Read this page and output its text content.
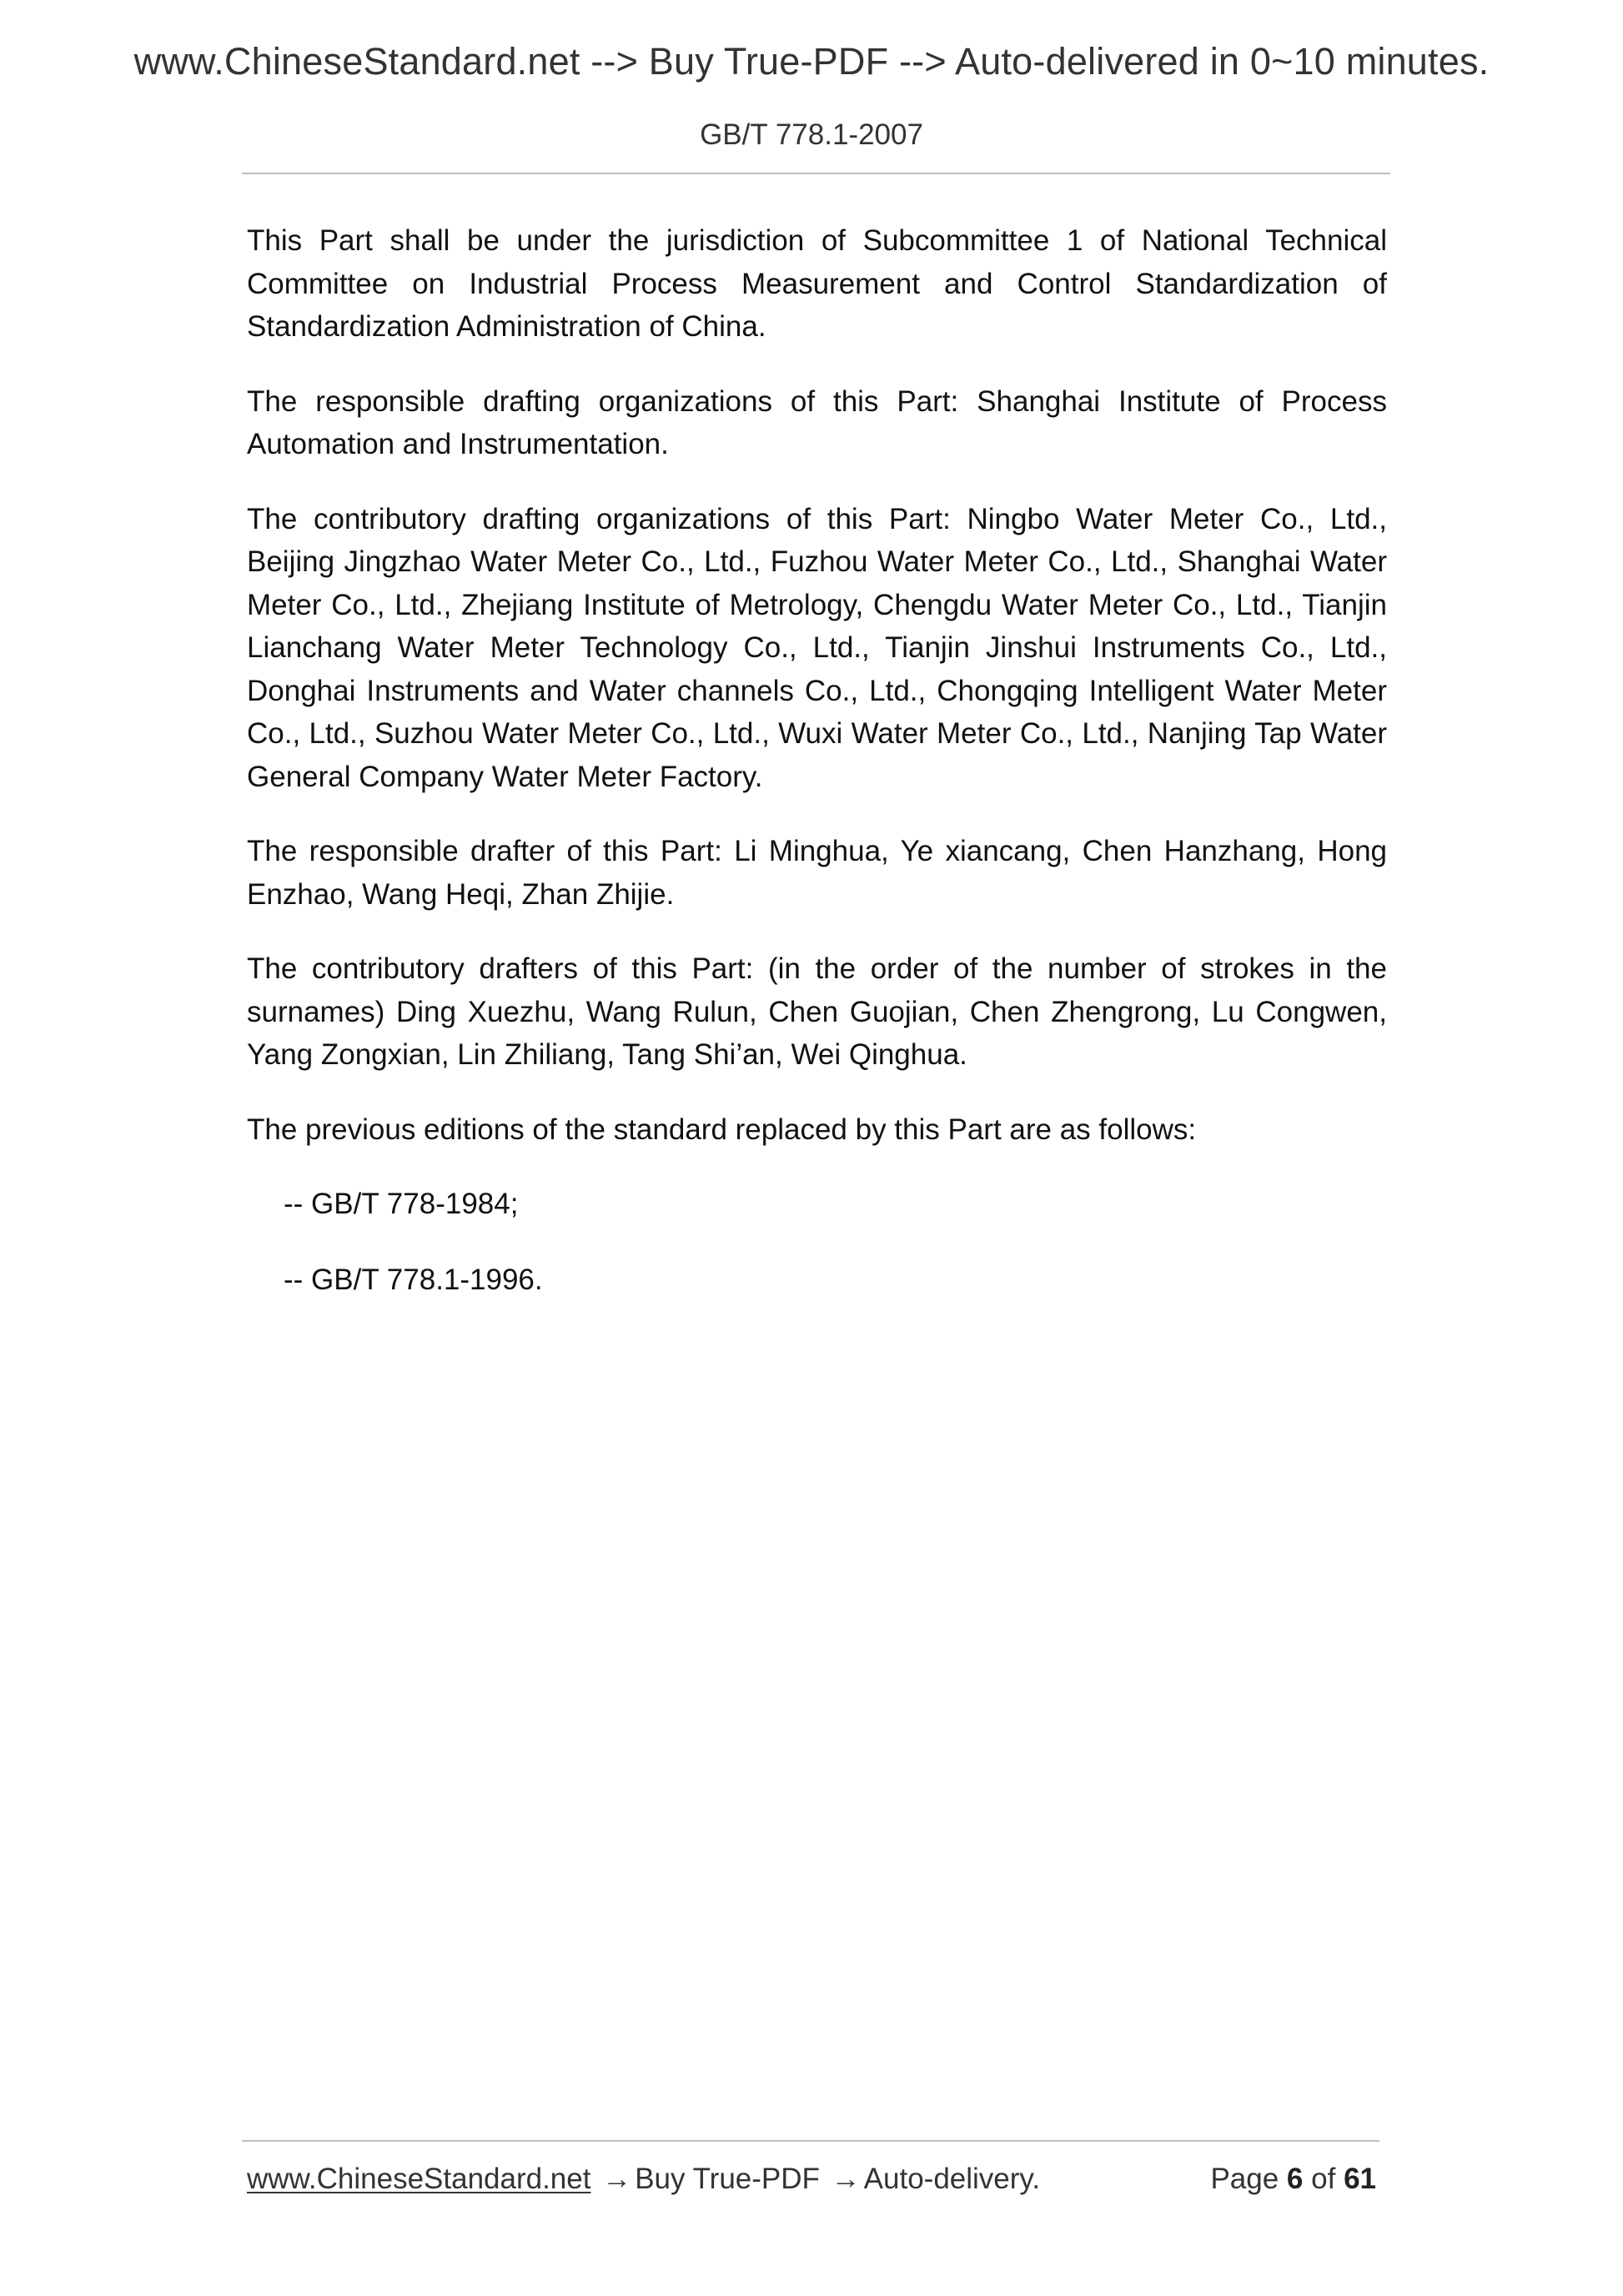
www.ChineseStandard.net --> Buy True-PDF --> Auto-delivered in 0~10 minutes.
GB/T 778.1-2007

This Part shall be under the jurisdiction of Subcommittee 1 of National Technical Committee on Industrial Process Measurement and Control Standardization of Standardization Administration of China.

The responsible drafting organizations of this Part: Shanghai Institute of Process Automation and Instrumentation.

The contributory drafting organizations of this Part: Ningbo Water Meter Co., Ltd., Beijing Jingzhao Water Meter Co., Ltd., Fuzhou Water Meter Co., Ltd., Shanghai Water Meter Co., Ltd., Zhejiang Institute of Metrology, Chengdu Water Meter Co., Ltd., Tianjin Lianchang Water Meter Technology Co., Ltd., Tianjin Jinshui Instruments Co., Ltd., Donghai Instruments and Water channels Co., Ltd., Chongqing Intelligent Water Meter Co., Ltd., Suzhou Water Meter Co., Ltd., Wuxi Water Meter Co., Ltd., Nanjing Tap Water General Company Water Meter Factory.

The responsible drafter of this Part: Li Minghua, Ye xiancang, Chen Hanzhang, Hong Enzhao, Wang Heqi, Zhan Zhijie.

The contributory drafters of this Part: (in the order of the number of strokes in the surnames) Ding Xuezhu, Wang Rulun, Chen Guojian, Chen Zhengrong, Lu Congwen, Yang Zongxian, Lin Zhiliang, Tang Shi’an, Wei Qinghua.

The previous editions of the standard replaced by this Part are as follows:

-- GB/T 778-1984;
-- GB/T 778.1-1996.
www.ChineseStandard.net → Buy True-PDF → Auto-delivery.	Page 6 of 61
